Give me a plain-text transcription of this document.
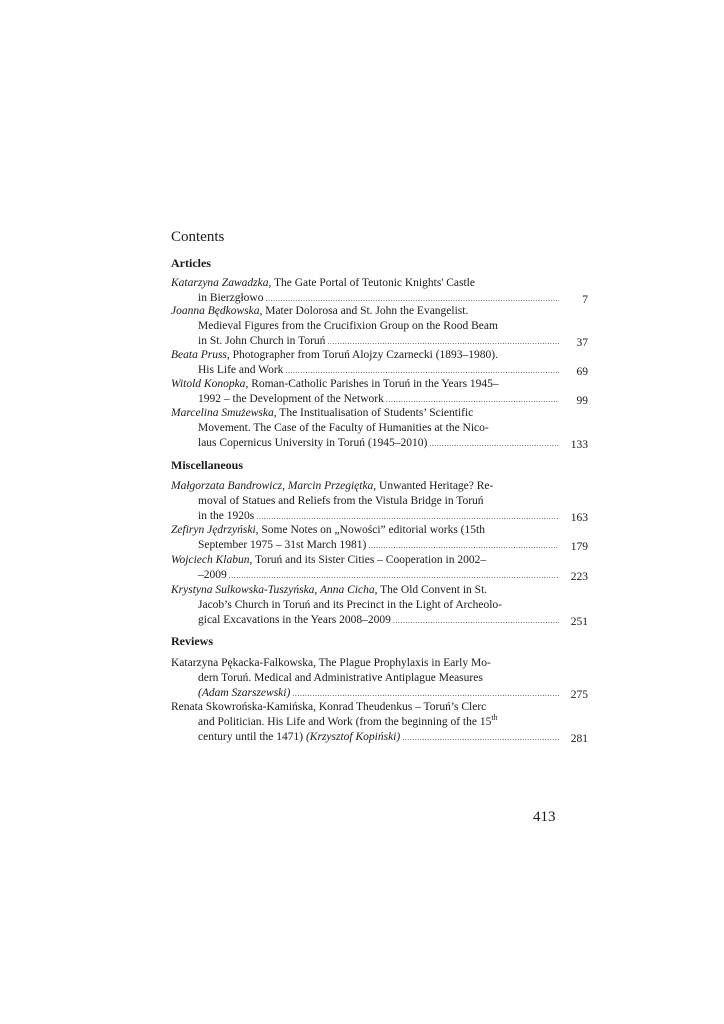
Contents
Articles
Katarzyna Zawadzka, The Gate Portal of Teutonic Knights' Castle
in Bierzgłowo .....	7
Joanna Będkowska, Mater Dolorosa and St. John the Evangelist.
Medieval Figures from the Crucifixion Group on the Rood Beam
in St. John Church in Toruń .....	37
Beata Pruss, Photographer from Toruń Alojzy Czarnecki (1893–1980).
His Life and Work .....	69
Witold Konopka, Roman-Catholic Parishes in Toruń in the Years 1945–
1992 – the Development of the Network .....	99
Marcelina Smużewska, The Institualisation of Students’ Scientific
Movement. The Case of the Faculty of Humanities at the Nico-
laus Copernicus University in Toruń (1945–2010) .....	133
Miscellaneous
Małgorzata Bandrowicz, Marcin Przegiętka, Unwanted Heritage? Re-
moval of Statues and Reliefs from the Vistula Bridge in Toruń
in the 1920s .....	163
Zefiryn Jędrzyński, Some Notes on „Nowości” editorial works (15th
September 1975 – 31st March 1981) .....	179
Wojciech Klabun, Toruń and its Sister Cities – Cooperation in 2002–
–2009 .....	223
Krystyna Sulkowska-Tuszyńska, Anna Cicha, The Old Convent in St.
Jacob’s Church in Toruń and its Precinct in the Light of Archeolo-
gical Excavations in the Years 2008–2009 .....	251
Reviews
Katarzyna Pękacka-Falkowska, The Plague Prophylaxis in Early Mo-
dern Toruń. Medical and Administrative Antiplague Measures
(Adam Szarszewski) .....	275
Renata Skowrońska-Kamińska, Konrad Theudenkus – Toruń’s Clerc
and Politician. His Life and Work (from the beginning of the 15th
century until the 1471) (Krzysztof Kopiński) .....	281
413
